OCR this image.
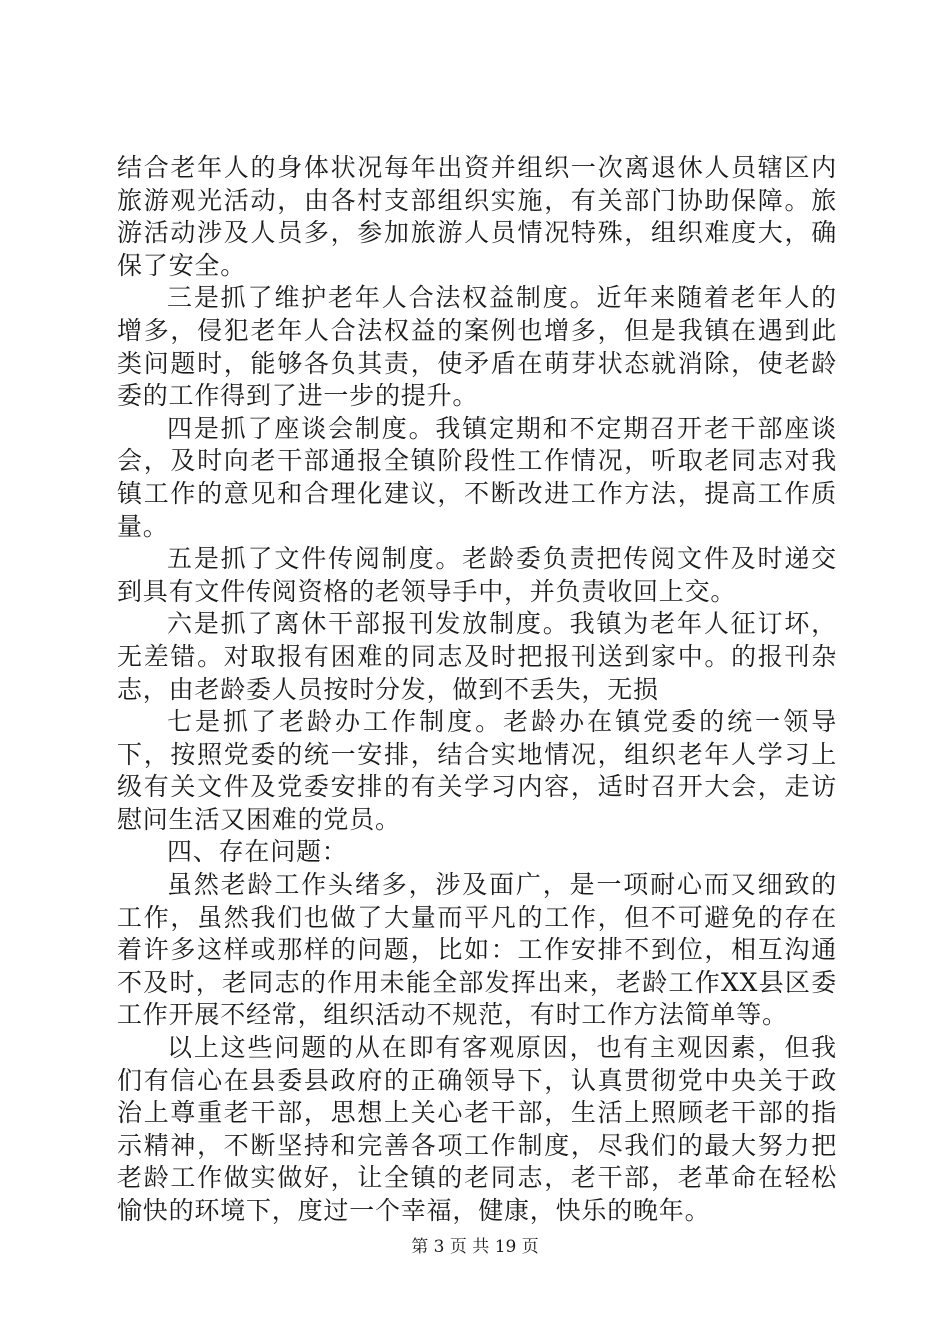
结合老年人的身体状况每年出资并组织一次离退休人员辖区内旅游观光活动，由各村支部组织实施，有关部门协助保障。旅游活动涉及人员多，参加旅游人员情况特殊，组织难度大，确保了安全。

三是抓了维护老年人合法权益制度。近年来随着老年人的增多，侵犯老年人合法权益的案例也增多，但是我镇在遇到此类问题时，能够各负其责，使矛盾在萌芽状态就消除，使老龄委的工作得到了进一步的提升。

四是抓了座谈会制度。我镇定期和不定期召开老干部座谈会，及时向老干部通报全镇阶段性工作情况，听取老同志对我镇工作的意见和合理化建议，不断改进工作方法，提高工作质量。

五是抓了文件传阅制度。老龄委负责把传阅文件及时递交到具有文件传阅资格的老领导手中，并负责收回上交。

六是抓了离休干部报刊发放制度。我镇为老年人征订坏，无差错。对取报有困难的同志及时把报刊送到家中。的报刊杂志，由老龄委人员按时分发，做到不丢失，无损

七是抓了老龄办工作制度。老龄办在镇党委的统一领导下，按照党委的统一安排，结合实地情况，组织老年人学习上级有关文件及党委安排的有关学习内容，适时召开大会，走访慰问生活又困难的党员。

四、存在问题：

虽然老龄工作头绪多，涉及面广，是一项耐心而又细致的工作，虽然我们也做了大量而平凡的工作，但不可避免的存在着许多这样或那样的问题，比如：工作安排不到位，相互沟通不及时，老同志的作用未能全部发挥出来，老龄工作XX县区委工作开展不经常，组织活动不规范，有时工作方法简单等。

以上这些问题的从在即有客观原因，也有主观因素，但我们有信心在县委县政府的正确领导下，认真贯彻党中央关于政治上尊重老干部，思想上关心老干部，生活上照顾老干部的指示精神，不断坚持和完善各项工作制度，尽我们的最大努力把老龄工作做实做好，让全镇的老同志，老干部，老革命在轻松愉快的环境下，度过一个幸福，健康，快乐的晚年。

第 3 页 共 19 页
